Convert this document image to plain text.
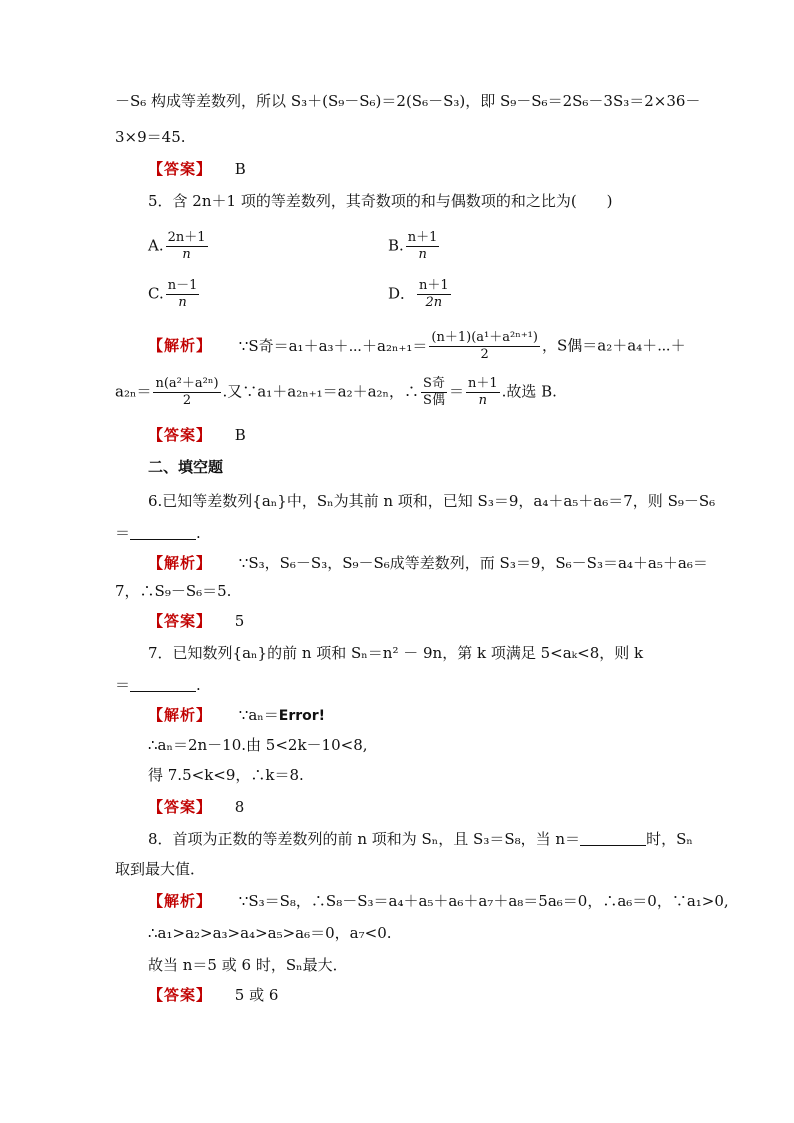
－S₆ 构成等差数列，所以 S₃＋(S₉－S₆)＝2(S₆－S₃)，即 S₉－S₆＝2S₆－3S₃＝2×36－
3×9＝45.
【答案】 B
5．含 2n＋1 项的等差数列，其奇数项的和与偶数项的和之比为(　　)
A. $\frac{2n+1}{n}$	B. $\frac{n+1}{n}$
C. $\frac{n-1}{n}$	D． $\frac{n+1}{2n}$
【解析】 ∵S奇＝a₁＋a₃＋⋯＋a₂ₙ₊₁＝ $\frac{\text{(n＋1)(a¹＋a²ⁿ⁺¹)}}{2}$ ，S偶＝a₂＋a₄＋⋯＋
$a_{2n}= \frac{\text{n(a²＋a²ⁿ)}}{2}$ .又∵a₁＋a₂ₙ₊₁＝a₂＋a₂ₙ，∴ $\frac{\text{S奇}}{\text{S偶}} = \frac{n+1}{n}$ .故选 B.
【答案】 B
二、填空题
6.已知等差数列{aₙ}中，Sₙ为其前 n 项和，已知 S₃＝9，a₄＋a₅＋a₆＝7，则 S₉－S₆
＝	.
【解析】 ∵S₃，S₆－S₃，S₉－S₆成等差数列，而 S₃＝9，S₆－S₃＝a₄＋a₅＋a₆＝
7，∴S₉－S₆＝5.
【答案】 5
7．已知数列{aₙ}的前 n 项和 Sₙ＝n² － 9n，第 k 项满足 5<aₖ<8，则 k
＝	.
【解析】 ∵aₙ＝Error!
∴aₙ＝2n－10.由 5<2k－10<8,
得 7.5<k<9，∴k＝8.
【答案】 8
8．首项为正数的等差数列的前 n 项和为 Sₙ，且 S₃＝S₈，当 n＝	时，Sₙ
取到最大值．
【解析】 ∵S₃＝S₈，∴S₈－S₃＝a₄＋a₅＋a₆＋a₇＋a₈＝5a₆＝0，∴a₆＝0，∵a₁>0,
∴a₁>a₂>a₃>a₄>a₅>a₆＝0，a₇<0.
故当 n＝5 或 6 时，Sₙ最大．
【答案】 5 或 6
